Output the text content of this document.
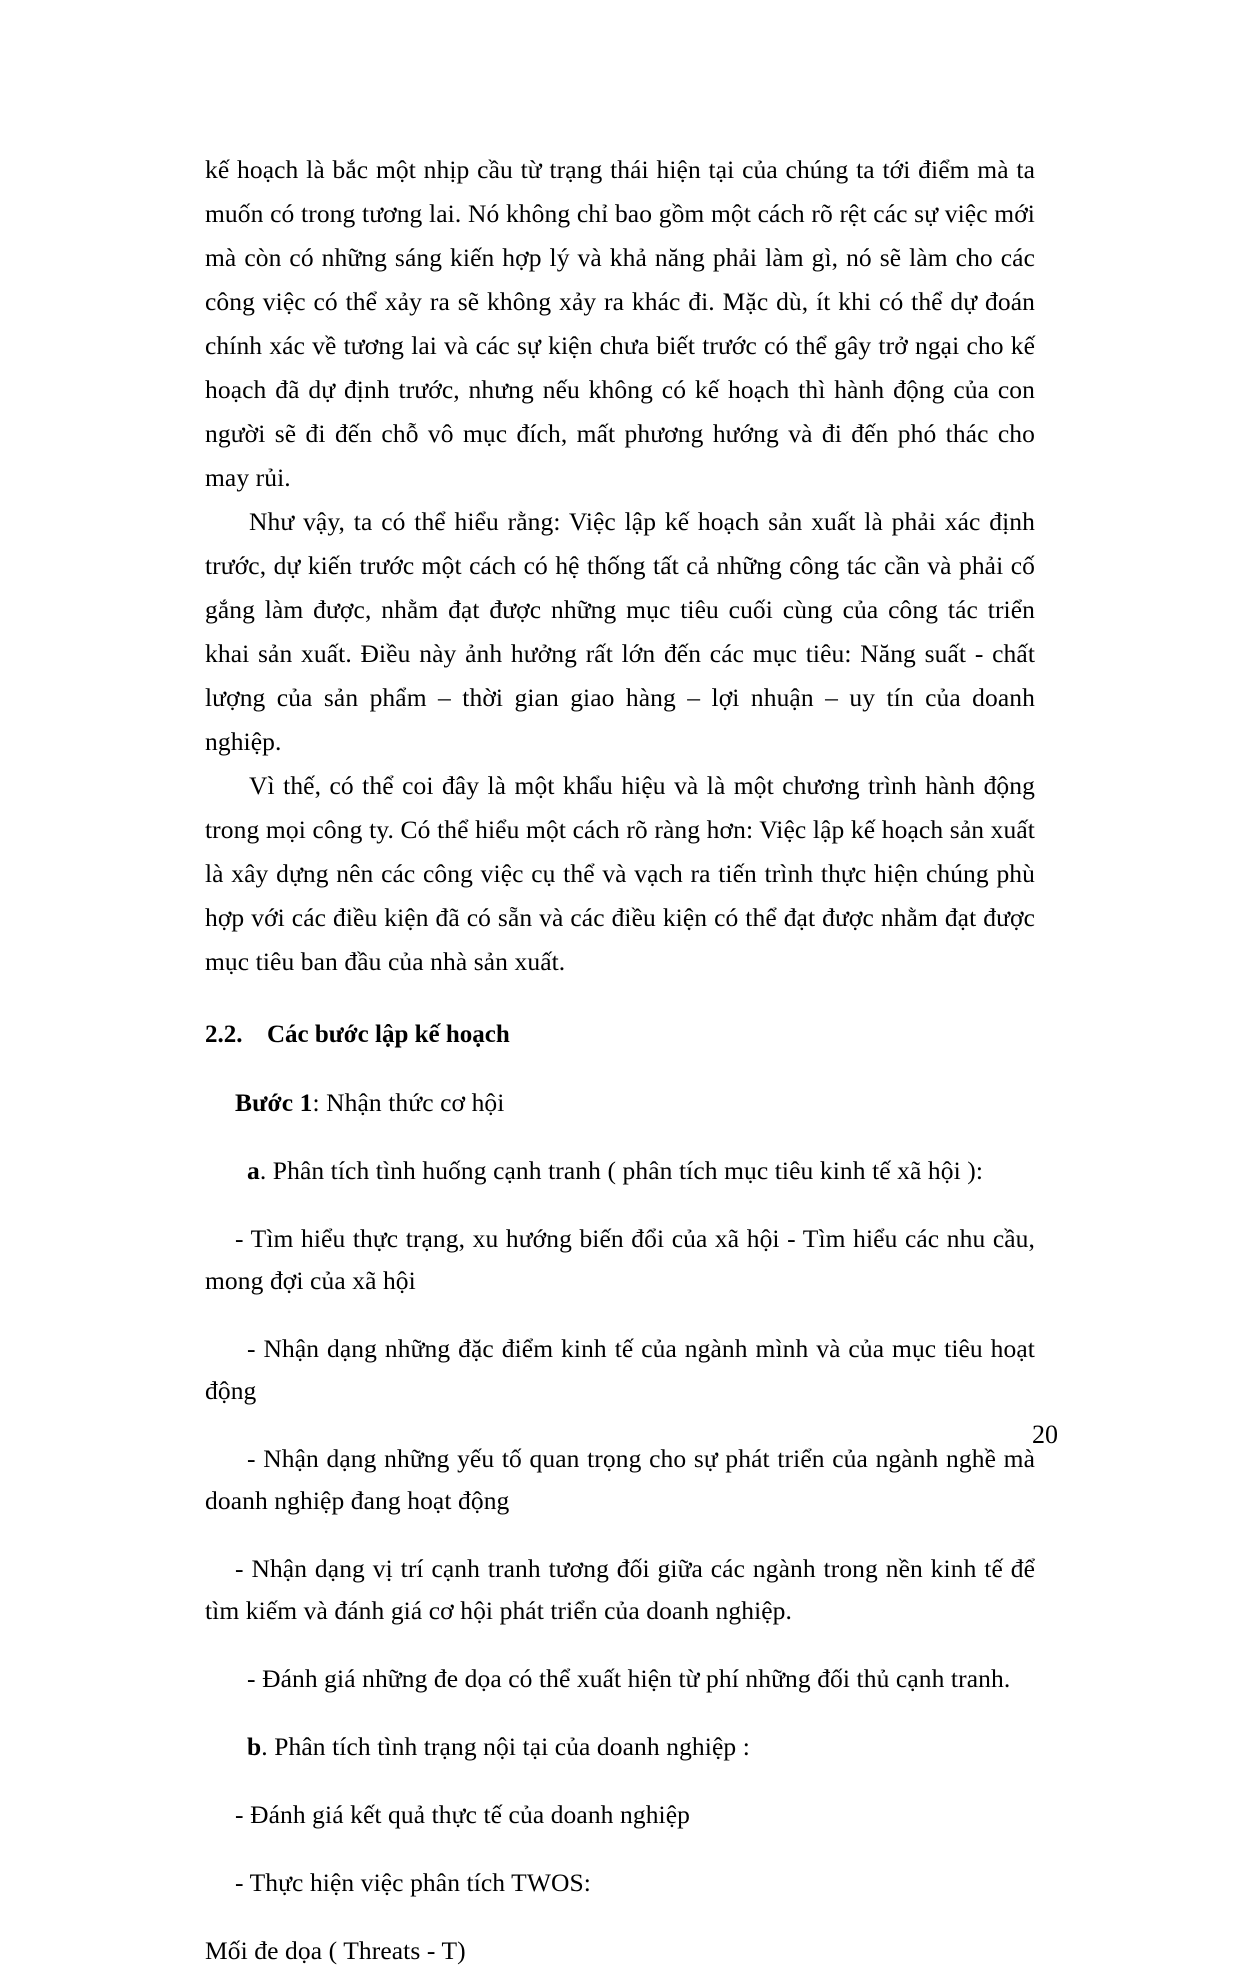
kế hoạch là bắc một nhịp cầu từ trạng thái hiện tại của chúng ta tới điểm mà ta muốn có trong tương lai. Nó không chỉ bao gồm một cách rõ rệt các sự việc mới mà còn có những sáng kiến hợp lý và khả năng phải làm gì, nó sẽ làm cho các công việc có thể xảy ra sẽ không xảy ra khác đi. Mặc dù, ít khi có thể dự đoán chính xác về tương lai và các sự kiện chưa biết trước có thể gây trở ngại cho kế hoạch đã dự định trước, nhưng nếu không có kế hoạch thì hành động của con người sẽ đi đến chỗ vô mục đích, mất phương hướng và đi đến phó thác cho may rủi.

Như vậy, ta có thể hiểu rằng: Việc lập kế hoạch sản xuất là phải xác định trước, dự kiến trước một cách có hệ thống tất cả những công tác cần và phải cố gắng làm được, nhằm đạt được những mục tiêu cuối cùng của công tác triển khai sản xuất. Điều này ảnh hưởng rất lớn đến các mục tiêu: Năng suất - chất lượng của sản phẩm – thời gian giao hàng – lợi nhuận – uy tín của doanh nghiệp.

Vì thế, có thể coi đây là một khẩu hiệu và là một chương trình hành động trong mọi công ty. Có thể hiểu một cách rõ ràng hơn: Việc lập kế hoạch sản xuất là xây dựng nên các công việc cụ thể và vạch ra tiến trình thực hiện chúng phù hợp với các điều kiện đã có sẵn và các điều kiện có thể đạt được nhằm đạt được mục tiêu ban đầu của nhà sản xuất.

2.2. Các bước lập kế hoạch

Bước 1: Nhận thức cơ hội

a. Phân tích tình huống cạnh tranh ( phân tích mục tiêu kinh tế xã hội ):

- Tìm hiểu thực trạng, xu hướng biến đổi của xã hội - Tìm hiểu các nhu cầu, mong đợi của xã hội

- Nhận dạng những đặc điểm kinh tế của ngành mình và của mục tiêu hoạt động

- Nhận dạng những yếu tố quan trọng cho sự phát triển của ngành nghề mà doanh nghiệp đang hoạt động

- Nhận dạng vị trí cạnh tranh tương đối giữa các ngành trong nền kinh tế để tìm kiếm và đánh giá cơ hội phát triển của doanh nghiệp.

- Đánh giá những đe dọa có thể xuất hiện từ phí những đối thủ cạnh tranh.

b. Phân tích tình trạng nội tại của doanh nghiệp :

- Đánh giá kết quả thực tế của doanh nghiệp

- Thực hiện việc phân tích TWOS:

Mối đe dọa ( Threats - T)

20
